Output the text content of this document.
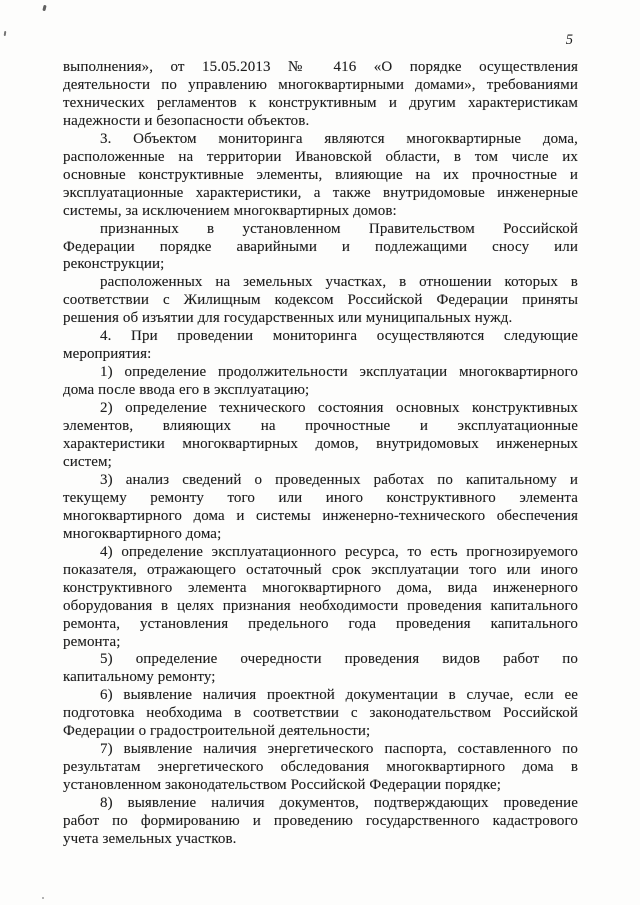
5

выполнения», от 15.05.2013 № 416 «О порядке осуществления
деятельности по управлению многоквартирными домами», требованиями
технических регламентов к конструктивным и другим характеристикам
надежности и безопасности объектов.

3. Объектом мониторинга являются многоквартирные дома,
расположенные на территории Ивановской области, в том числе их
основные конструктивные элементы, влияющие на их прочностные и
эксплуатационные характеристики, а также внутридомовые инженерные
системы, за исключением многоквартирных домов:

признанных в установленном Правительством Российской
Федерации порядке аварийными и подлежащими сносу или
реконструкции;

расположенных на земельных участках, в отношении которых в
соответствии с Жилищным кодексом Российской Федерации приняты
решения об изъятии для государственных или муниципальных нужд.

4. При проведении мониторинга осуществляются следующие
мероприятия:

1) определение продолжительности эксплуатации многоквартирного
дома после ввода его в эксплуатацию;

2) определение технического состояния основных конструктивных
элементов, влияющих на прочностные и эксплуатационные
характеристики многоквартирных домов, внутридомовых инженерных
систем;

3) анализ сведений о проведенных работах по капитальному и
текущему ремонту того или иного конструктивного элемента
многоквартирного дома и системы инженерно-технического обеспечения
многоквартирного дома;

4) определение эксплуатационного ресурса, то есть прогнозируемого
показателя, отражающего остаточный срок эксплуатации того или иного
конструктивного элемента многоквартирного дома, вида инженерного
оборудования в целях признания необходимости проведения капитального
ремонта, установления предельного года проведения капитального
ремонта;

5) определение очередности проведения видов работ по
капитальному ремонту;

6) выявление наличия проектной документации в случае, если ее
подготовка необходима в соответствии с законодательством Российской
Федерации о градостроительной деятельности;

7) выявление наличия энергетического паспорта, составленного по
результатам энергетического обследования многоквартирного дома в
установленном законодательством Российской Федерации порядке;

8) выявление наличия документов, подтверждающих проведение
работ по формированию и проведению государственного кадастрового
учета земельных участков.
